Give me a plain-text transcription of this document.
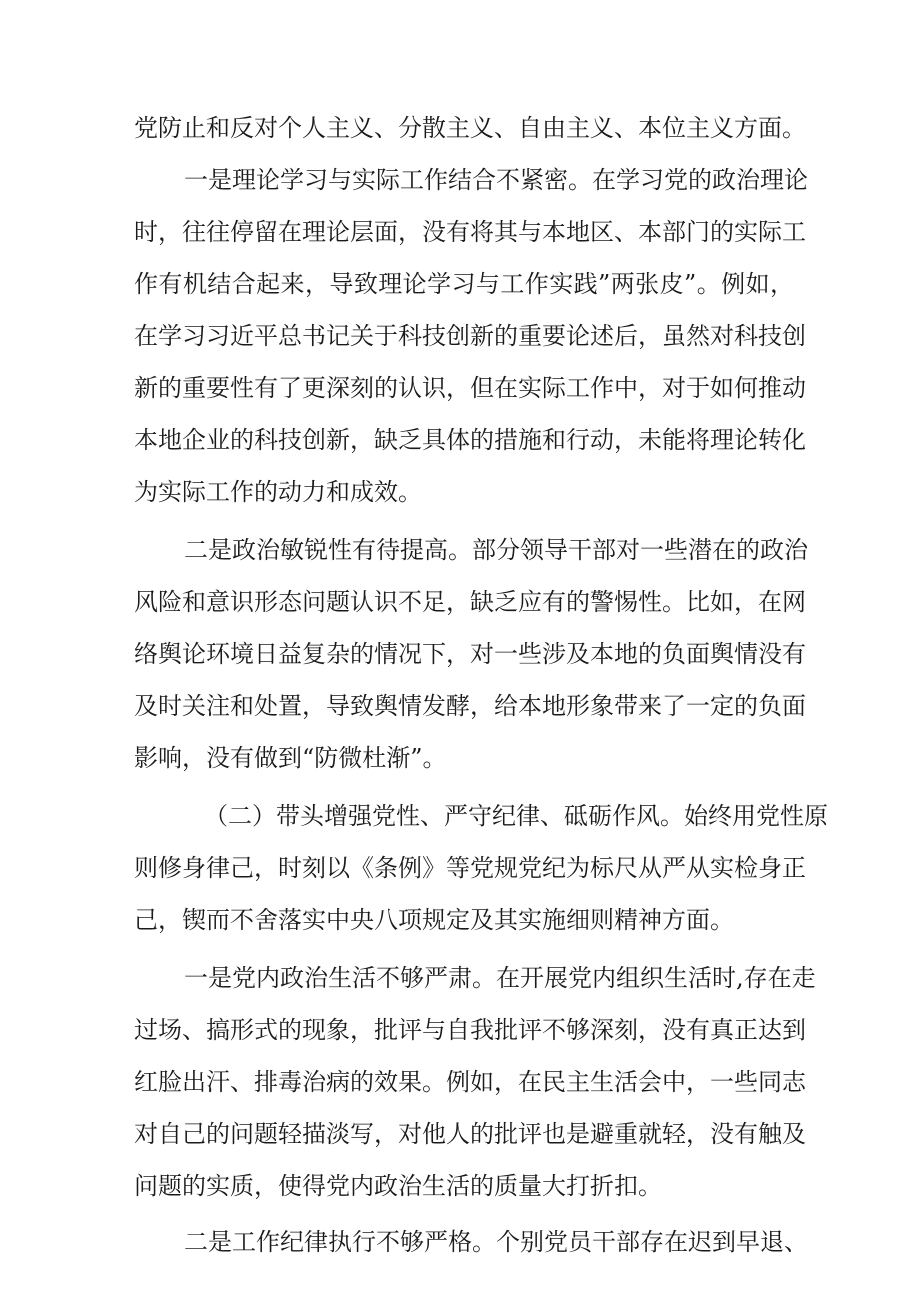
党防止和反对个人主义、分散主义、自由主义、本位主义方面。
一是理论学习与实际工作结合不紧密。在学习党的政治理论
时，往往停留在理论层面，没有将其与本地区、本部门的实际工
作有机结合起来，导致理论学习与工作实践”两张皮”。例如，
在学习习近平总书记关于科技创新的重要论述后，虽然对科技创
新的重要性有了更深刻的认识，但在实际工作中，对于如何推动
本地企业的科技创新，缺乏具体的措施和行动，未能将理论转化
为实际工作的动力和成效。
二是政治敏锐性有待提高。部分领导干部对一些潜在的政治
风险和意识形态问题认识不足，缺乏应有的警惕性。比如，在网
络舆论环境日益复杂的情况下，对一些涉及本地的负面舆情没有
及时关注和处置，导致舆情发酵，给本地形象带来了一定的负面
影响，没有做到“防微杜渐”。
（二）带头增强党性、严守纪律、砥砺作风。始终用党性原
则修身律己，时刻以《条例》等党规党纪为标尺从严从实检身正
己，锲而不舍落实中央八项规定及其实施细则精神方面。
一是党内政治生活不够严肃。在开展党内组织生活时,存在走
过场、搞形式的现象，批评与自我批评不够深刻，没有真正达到
红脸出汗、排毒治病的效果。例如，在民主生活会中，一些同志
对自己的问题轻描淡写，对他人的批评也是避重就轻，没有触及
问题的实质，使得党内政治生活的质量大打折扣。
二是工作纪律执行不够严格。个别党员干部存在迟到早退、
